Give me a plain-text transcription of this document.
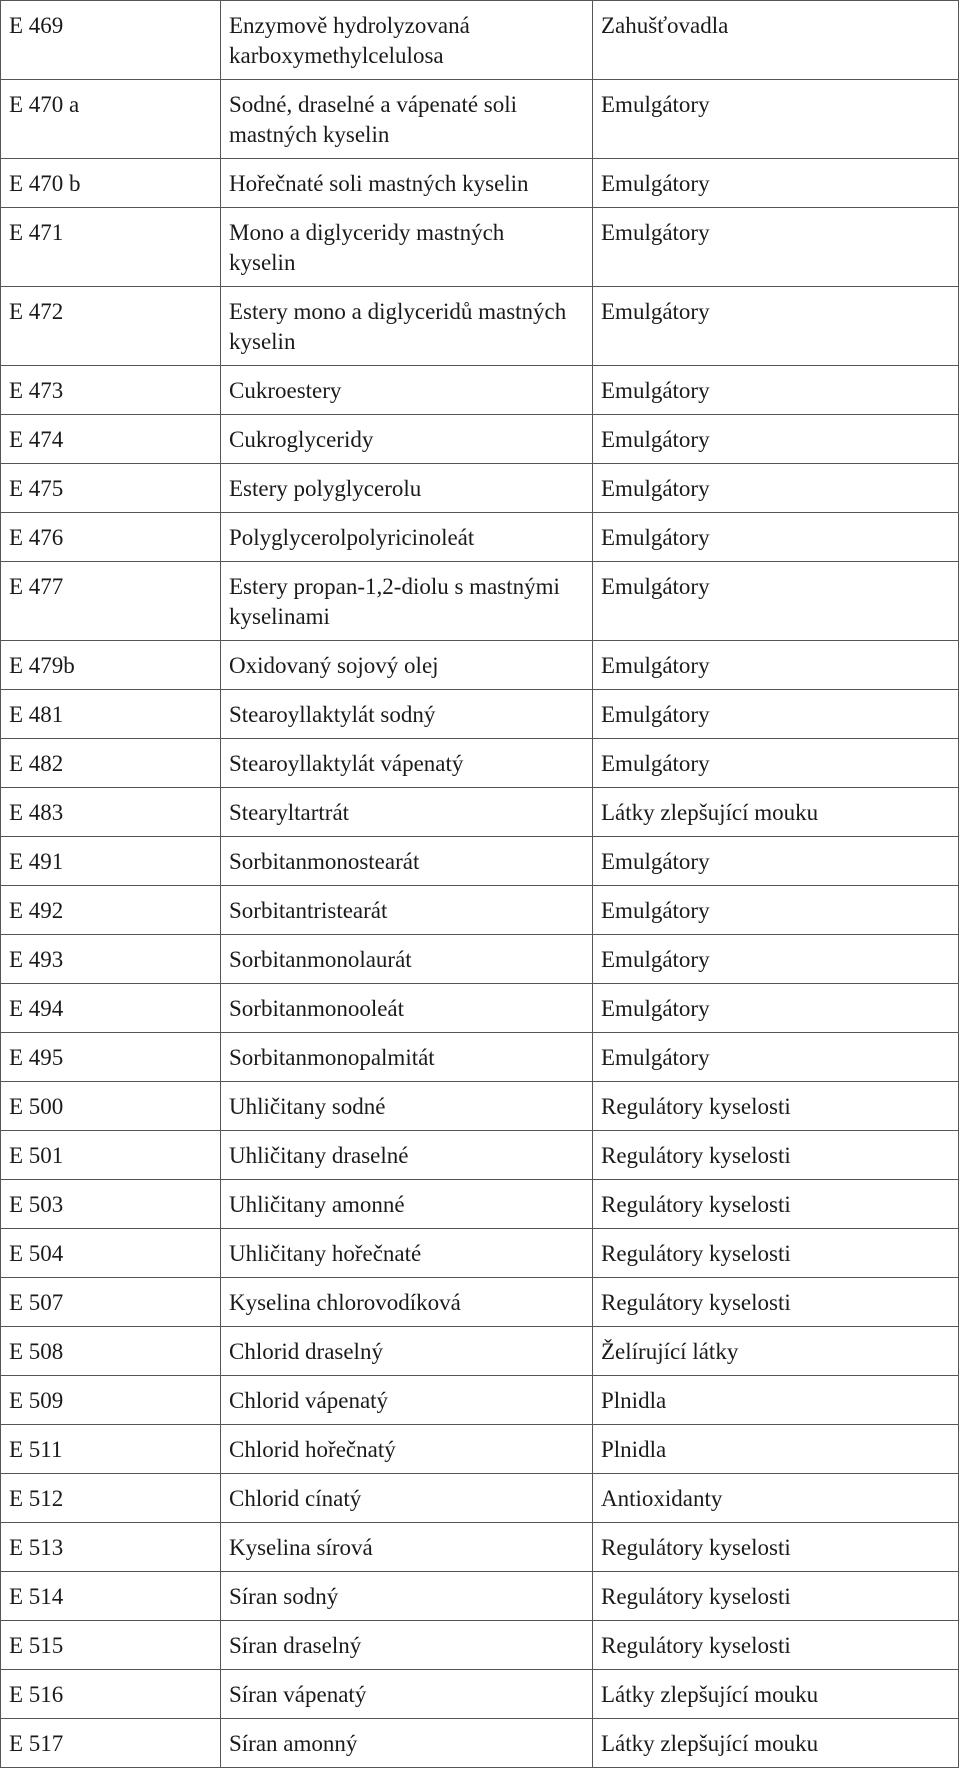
E 469	Enzymově hydrolyzovaná karboxymethylcelulosa	Zahušťovadla
E 470 a	Sodné, draselné a vápenaté soli mastných kyselin	Emulgátory
E 470 b	Hořečnaté soli mastných kyselin	Emulgátory
E 471	Mono a diglyceridy mastných kyselin	Emulgátory
E 472	Estery mono a diglyceridů mastných kyselin	Emulgátory
E 473	Cukroestery	Emulgátory
E 474	Cukroglyceridy	Emulgátory
E 475	Estery polyglycerolu	Emulgátory
E 476	Polyglycerolpolyricinoleát	Emulgátory
E 477	Estery propan-1,2-diolu s mastnými kyselinami	Emulgátory
E 479b	Oxidovaný sojový olej	Emulgátory
E 481	Stearoyllaktylát sodný	Emulgátory
E 482	Stearoyllaktylát vápenatý	Emulgátory
E 483	Stearyltartrát	Látky zlepšující mouku
E 491	Sorbitanmonostearát	Emulgátory
E 492	Sorbitantristearát	Emulgátory
E 493	Sorbitanmonolaurát	Emulgátory
E 494	Sorbitanmonooleát	Emulgátory
E 495	Sorbitanmonopalmitát	Emulgátory
E 500	Uhličitany sodné	Regulátory kyselosti
E 501	Uhličitany draselné	Regulátory kyselosti
E 503	Uhličitany amonné	Regulátory kyselosti
E 504	Uhličitany hořečnaté	Regulátory kyselosti
E 507	Kyselina chlorovodíková	Regulátory kyselosti
E 508	Chlorid draselný	Želírující látky
E 509	Chlorid vápenatý	Plnidla
E 511	Chlorid hořečnatý	Plnidla
E 512	Chlorid cínatý	Antioxidanty
E 513	Kyselina sírová	Regulátory kyselosti
E 514	Síran sodný	Regulátory kyselosti
E 515	Síran draselný	Regulátory kyselosti
E 516	Síran vápenatý	Látky zlepšující mouku
E 517	Síran amonný	Látky zlepšující mouku
